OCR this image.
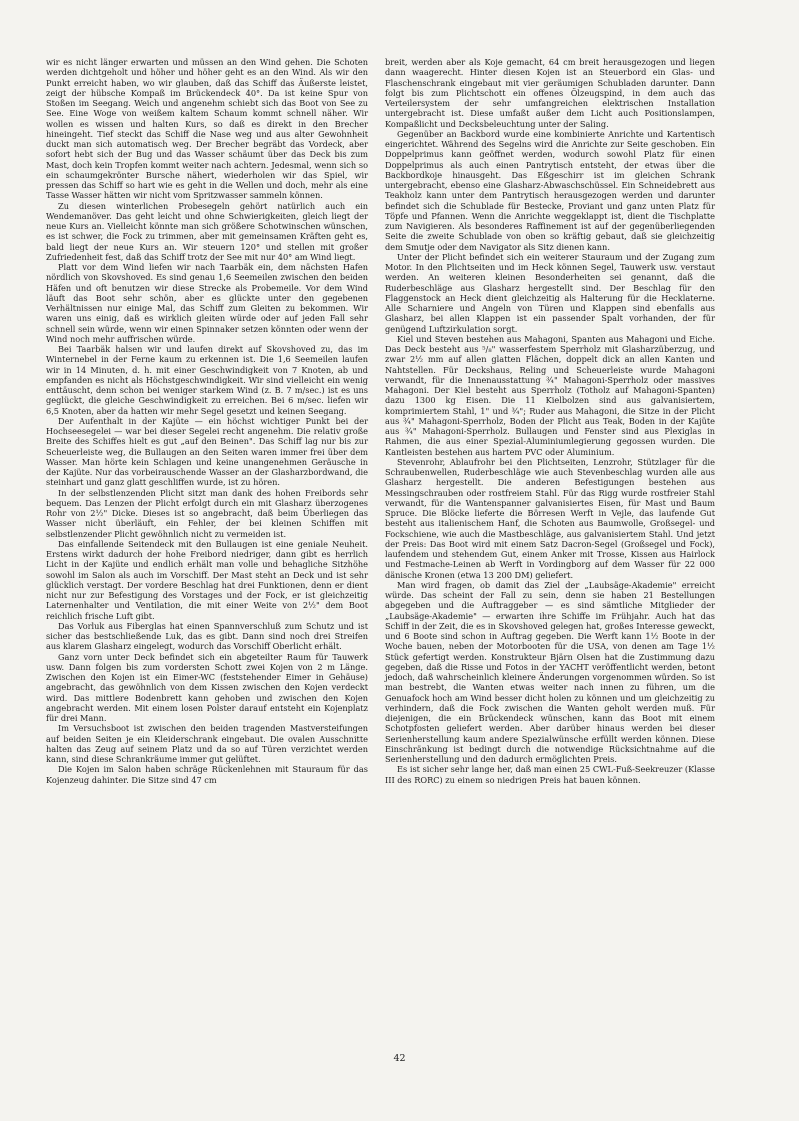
wir es nicht länger erwarten und müssen an den Wind gehen. Die Schoten werden dichtgeholt und höher und höher geht es an den Wind. Als wir den Punkt erreicht haben, wo wir glauben, daß das Schiff das Äußerste leistet, zeigt der hübsche Kompaß im Brückendeck 40°. Da ist keine Spur von Stoßen im Seegang. Weich und angenehm schiebt sich das Boot von See zu See. Eine Woge von weißem kaltem Schaum kommt schnell näher. Wir wollen es wissen und halten Kurs, so daß es direkt in den Brecher hineingeht. Tief steckt das Schiff die Nase weg und aus alter Gewohnheit duckt man sich automatisch weg. Der Brecher begräbt das Vordeck, aber sofort hebt sich der Bug und das Wasser schäumt über das Deck bis zum Mast, doch kein Tropfen kommt weiter nach achtern. Jedesmal, wenn sich so ein schaumgekrönter Bursche nähert, wiederholen wir das Spiel, wir pressen das Schiff so hart wie es geht in die Wellen und doch, mehr als eine Tasse Wasser hätten wir nicht vom Spritzwasser sammeln können.

Zu diesen winterlichen Probesegeln gehört natürlich auch ein Wendemanöver. Das geht leicht und ohne Schwierigkeiten, gleich liegt der neue Kurs an. Vielleicht könnte man sich größere Schotwinschen wünschen, es ist schwer, die Fock zu trimmen, aber mit gemeinsamen Kräften geht es, bald liegt der neue Kurs an. Wir steuern 120° und stellen mit großer Zufriedenheit fest, daß das Schiff trotz der See mit nur 40° am Wind liegt.

Platt vor dem Wind liefen wir nach Taarbäk ein, dem nächsten Hafen nördlich von Skovshoved. Es sind genau 1,6 Seemeilen zwischen den beiden Häfen und oft benutzen wir diese Strecke als Probemeile. Vor dem Wind läuft das Boot sehr schön, aber es glückte unter den gegebenen Verhältnissen nur einige Mal, das Schiff zum Gleiten zu bekommen. Wir waren uns einig, daß es wirklich gleiten würde oder auf jeden Fall sehr schnell sein würde, wenn wir einen Spinnaker setzen könnten oder wenn der Wind noch mehr auffrischen würde.

Bei Taarbäk halsen wir und laufen direkt auf Skovshoved zu, das im Winternebel in der Ferne kaum zu erkennen ist. Die 1,6 Seemeilen laufen wir in 14 Minuten, d. h. mit einer Geschwindigkeit von 7 Knoten, ab und empfanden es nicht als Höchstgeschwindigkeit. Wir sind vielleicht ein wenig enttäuscht, denn schon bei weniger starkem Wind (z. B. 7 m/sec.) ist es uns geglückt, die gleiche Geschwindigkeit zu erreichen. Bei 6 m/sec. liefen wir 6,5 Knoten, aber da hatten wir mehr Segel gesetzt und keinen Seegang.

Der Aufenthalt in der Kajüte — ein höchst wichtiger Punkt bei der Hochseesegelei — war bei dieser Segelei recht angenehm. Die relativ große Breite des Schiffes hielt es gut „auf den Beinen". Das Schiff lag nur bis zur Scheuerleiste weg, die Bullaugen an den Seiten waren immer frei über dem Wasser. Man hörte kein Schlagen und keine unangenehmen Geräusche in der Kajüte. Nur das vorbeirauschende Wasser an der Glasharzbordwand, die steinhart und ganz glatt geschliffen wurde, ist zu hören.

In der selbstlenzenden Plicht sitzt man dank des hohen Freibords sehr bequem. Das Lenzen der Plicht erfolgt durch ein mit Glasharz überzogenes Rohr von 2½" Dicke. Dieses ist so angebracht, daß beim Überliegen das Wasser nicht überläuft, ein Fehler, der bei kleinen Schiffen mit selbstlenzender Plicht gewöhnlich nicht zu vermeiden ist.

Das einfallende Seitendeck mit den Bullaugen ist eine geniale Neuheit. Erstens wirkt dadurch der hohe Freibord niedriger, dann gibt es herrlich Licht in der Kajüte und endlich erhält man volle und behagliche Sitzhöhe sowohl im Salon als auch im Vorschiff. Der Mast steht an Deck und ist sehr glücklich verstagt. Der vordere Beschlag hat drei Funktionen, denn er dient nicht nur zur Befestigung des Vorstages und der Fock, er ist gleichzeitig Laternenhalter und Ventilation, die mit einer Weite von 2½" dem Boot reichlich frische Luft gibt.

Das Vorluk aus Fiberglas hat einen Spannverschluß zum Schutz und ist sicher das bestschließende Luk, das es gibt. Dann sind noch drei Streifen aus klarem Glasharz eingelegt, wodurch das Vorschiff Oberlicht erhält.

Ganz vorn unter Deck befindet sich ein abgeteilter Raum für Tauwerk usw. Dann folgen bis zum vordersten Schott zwei Kojen von 2 m Länge. Zwischen den Kojen ist ein Eimer-WC (feststehender Eimer in Gehäuse) angebracht, das gewöhnlich von dem Kissen zwischen den Kojen verdeckt wird. Das mittlere Bodenbrett kann gehoben und zwischen den Kojen angebracht werden. Mit einem losen Polster darauf entsteht ein Kojenplatz für drei Mann.

Im Versuchsboot ist zwischen den beiden tragenden Mastversteifungen auf beiden Seiten je ein Kleiderschrank eingebaut. Die ovalen Ausschnitte halten das Zeug auf seinem Platz und da so auf Türen verzichtet werden kann, sind diese Schrankräume immer gut gelüftet.

Die Kojen im Salon haben schräge Rückenlehnen mit Stauraum für das Kojenzeug dahinter. Die Sitze sind 47 cm

breit, werden aber als Koje gemacht, 64 cm breit herausgezogen und liegen dann waagerecht. Hinter diesen Kojen ist an Steuerbord ein Glas- und Flaschenschrank eingebaut mit vier geräumigen Schubladen darunter. Dann folgt bis zum Plichtschott ein offenes Ölzeugspind, in dem auch das Verteilersystem der sehr umfangreichen elektrischen Installation untergebracht ist. Diese umfaßt außer dem Licht auch Positionslampen, Kompaßlicht und Decksbeleuchtung unter der Saling.

Gegenüber an Backbord wurde eine kombinierte Anrichte und Kartentisch eingerichtet. Während des Segelns wird die Anrichte zur Seite geschoben. Ein Doppelprimus kann geöffnet werden, wodurch sowohl Platz für einen Doppelprimus als auch einen Pantrytisch entsteht, der etwas über die Backbordkoje hinausgeht. Das Eßgeschirr ist im gleichen Schrank untergebracht, ebenso eine Glasharz-Abwaschschüssel. Ein Schneidebrett aus Teakholz kann unter dem Pantrytisch herausgezogen werden und darunter befindet sich die Schublade für Bestecke, Proviant und ganz unten Platz für Töpfe und Pfannen. Wenn die Anrichte weggeklappt ist, dient die Tischplatte zum Navigieren. Als besonderes Raffinement ist auf der gegenüberliegenden Seite die zweite Schublade von oben so kräftig gebaut, daß sie gleichzeitig dem Smutje oder dem Navigator als Sitz dienen kann.

Unter der Plicht befindet sich ein weiterer Stauraum und der Zugang zum Motor. In den Plichtseiten und im Heck können Segel, Tauwerk usw. verstaut werden. An weiteren kleinen Besonderheiten sei genannt, daß die Ruderbeschläge aus Glasharz hergestellt sind. Der Beschlag für den Flaggenstock an Heck dient gleichzeitig als Halterung für die Hecklaterne. Alle Scharniere und Angeln von Türen und Klappen sind ebenfalls aus Glasharz, bei allen Klappen ist ein passender Spalt vorhanden, der für genügend Luftzirkulation sorgt.

Kiel und Steven bestehen aus Mahagoni, Spanten aus Mahagoni und Eiche. Das Deck besteht aus ⁵/₈" wasserfestem Sperrholz mit Glasharzüberzug, und zwar 2½ mm auf allen glatten Flächen, doppelt dick an allen Kanten und Nahtstellen. Für Deckshaus, Reling und Scheuerleiste wurde Mahagoni verwandt, für die Innenausstattung ¾" Mahagoni-Sperrholz oder massives Mahagoni. Der Kiel besteht aus Sperrholz (Totholz auf Mahagoni-Spanten) dazu 1300 kg Eisen. Die 11 Kielbolzen sind aus galvanisiertem, komprimiertem Stahl, 1" und ¾"; Ruder aus Mahagoni, die Sitze in der Plicht aus ¾" Mahagoni-Sperrholz, Boden der Plicht aus Teak, Boden in der Kajüte aus ¾" Mahagoni-Sperrholz. Bullaugen und Fenster sind aus Plexiglas in Rahmen, die aus einer Spezial-Aluminiumlegierung gegossen wurden. Die Kantleisten bestehen aus hartem PVC oder Aluminium.

Stevenrohr, Ablaufrohr bei den Plichtseiten, Lenzrohr, Stützlager für die Schraubenwellen, Ruderbeschläge wie auch Stevenbeschlag wurden alle aus Glasharz hergestellt. Die anderen Befestigungen bestehen aus Messingschrauben oder rostfreiem Stahl. Für das Rigg wurde rostfreier Stahl verwandt, für die Wantenspanner galvanisiertes Eisen, für Mast und Baum Spruce. Die Blöcke lieferte die Börresen Werft in Vejle, das laufende Gut besteht aus italienischem Hanf, die Schoten aus Baumwolle, Großsegel- und Fockschiene, wie auch die Mastbeschläge, aus galvanisiertem Stahl. Und jetzt der Preis: Das Boot wird mit einem Satz Dacron-Segel (Großsegel und Fock), laufendem und stehendem Gut, einem Anker mit Trosse, Kissen aus Hairlock und Festmache-Leinen ab Werft in Vordingborg auf dem Wasser für 22 000 dänische Kronen (etwa 13 200 DM) geliefert.

Man wird fragen, ob damit das Ziel der „Laubsäge-Akademie" erreicht würde. Das scheint der Fall zu sein, denn sie haben 21 Bestellungen abgegeben und die Auftraggeber — es sind sämtliche Mitglieder der „Laubsäge-Akademie" — erwarten ihre Schiffe im Frühjahr. Auch hat das Schiff in der Zeit, die es in Skovshoved gelegen hat, großes Interesse geweckt, und 6 Boote sind schon in Auftrag gegeben. Die Werft kann 1½ Boote in der Woche bauen, neben der Motorbooten für die USA, von denen am Tage 1½ Stück gefertigt werden. Konstrukteur Bjärn Olsen hat die Zustimmung dazu gegeben, daß die Risse und Fotos in der YACHT veröffentlicht werden, betont jedoch, daß wahrscheinlich kleinere Änderungen vorgenommen würden. So ist man bestrebt, die Wanten etwas weiter nach innen zu führen, um die Genuafock hoch am Wind besser dicht holen zu können und um gleichzeitig zu verhindern, daß die Fock zwischen die Wanten geholt werden muß. Für diejenigen, die ein Brückendeck wünschen, kann das Boot mit einem Schotpfosten geliefert werden. Aber darüber hinaus werden bei dieser Serienherstellung kaum andere Spezialwünsche erfüllt werden können. Diese Einschränkung ist bedingt durch die notwendige Rücksichtnahme auf die Serienherstellung und den dadurch ermöglichten Preis.

Es ist sicher sehr lange her, daß man einen 25 CWL-Fuß-Seekreuzer (Klasse III des RORC) zu einem so niedrigen Preis hat bauen können.

42
